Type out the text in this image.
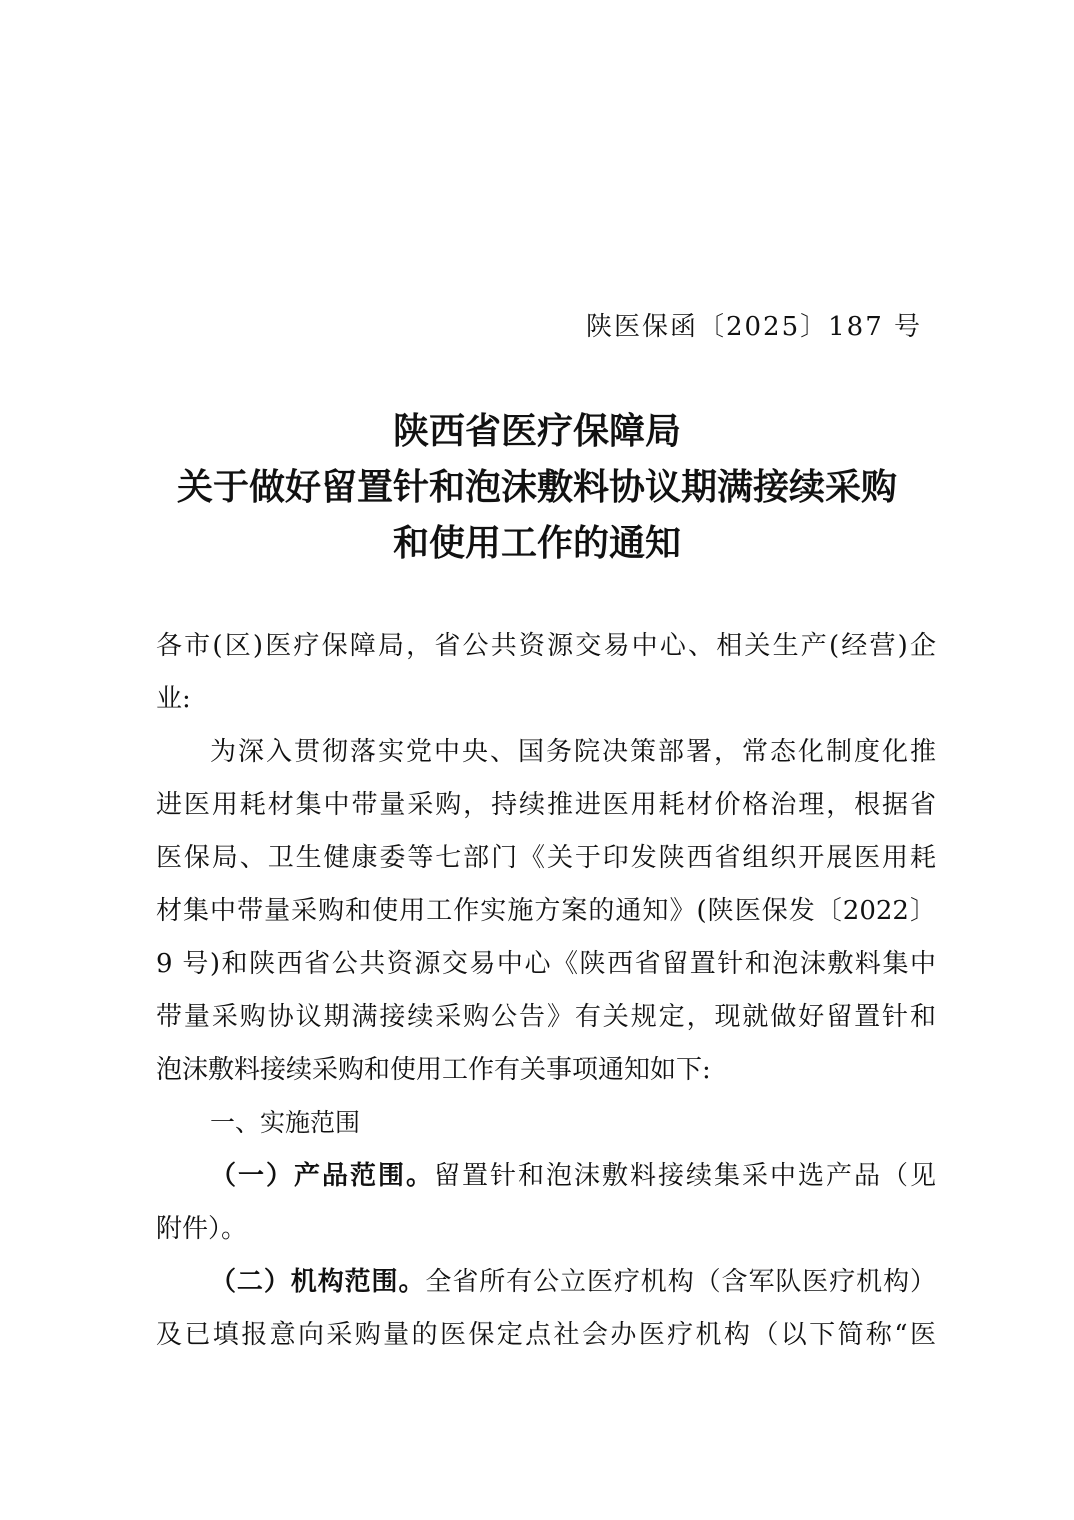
陕医保函〔2025〕187 号
陕西省医疗保障局
关于做好留置针和泡沫敷料协议期满接续采购
和使用工作的通知
各市(区)医疗保障局，省公共资源交易中心、相关生产(经营)企
业:
为深入贯彻落实党中央、国务院决策部署，常态化制度化推
进医用耗材集中带量采购，持续推进医用耗材价格治理，根据省
医保局、卫生健康委等七部门《关于印发陕西省组织开展医用耗
材集中带量采购和使用工作实施方案的通知》(陕医保发〔2022〕
9 号)和陕西省公共资源交易中心《陕西省留置针和泡沫敷料集中
带量采购协议期满接续采购公告》有关规定，现就做好留置针和
泡沫敷料接续采购和使用工作有关事项通知如下:
一、实施范围
（一）产品范围。留置针和泡沫敷料接续集采中选产品（见
附件）。
（二）机构范围。全省所有公立医疗机构（含军队医疗机构）
及已填报意向采购量的医保定点社会办医疗机构（以下简称“医
